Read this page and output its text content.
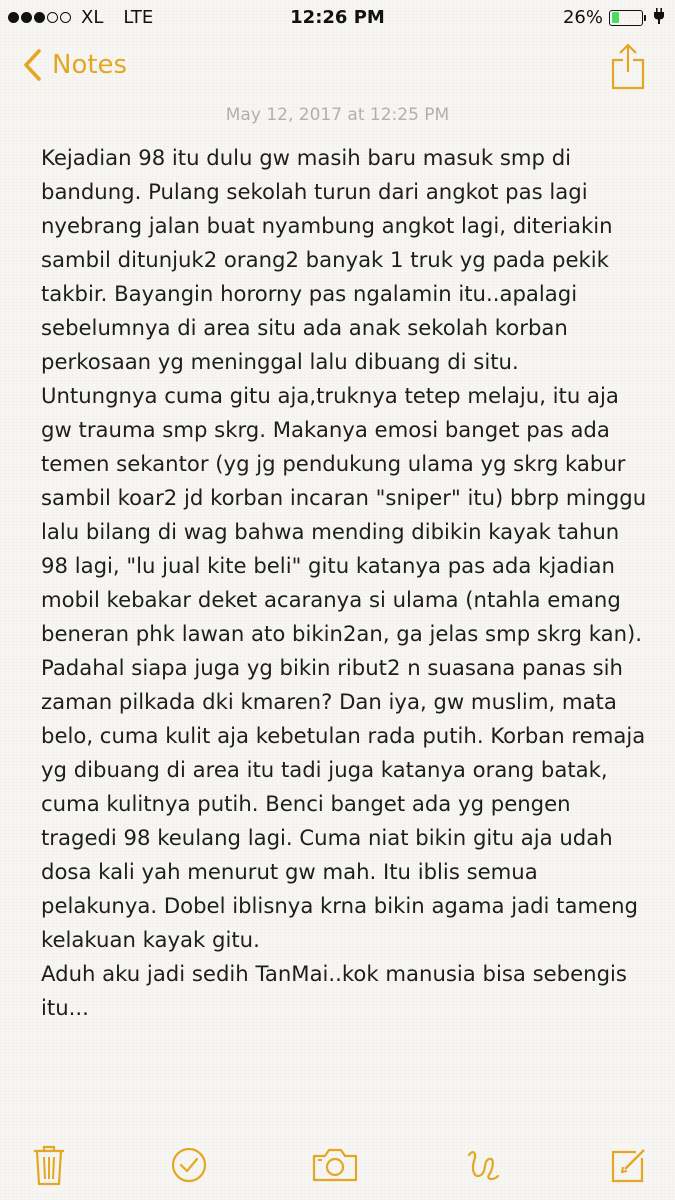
XL LTE	12:26 PM	26%
Notes
May 12, 2017 at 12:25 PM
Kejadian 98 itu dulu gw masih baru masuk smp di bandung. Pulang sekolah turun dari angkot pas lagi nyebrang jalan buat nyambung angkot lagi, diteriakin sambil ditunjuk2 orang2 banyak 1 truk yg pada pekik takbir. Bayangin hororny pas ngalamin itu..apalagi sebelumnya di area situ ada anak sekolah korban perkosaan yg meninggal lalu dibuang di situ.
Untungnya cuma gitu aja,truknya tetep melaju, itu aja gw trauma smp skrg. Makanya emosi banget pas ada temen sekantor (yg jg pendukung ulama yg skrg kabur sambil koar2 jd korban incaran "sniper" itu) bbrp minggu lalu bilang di wag bahwa mending dibikin kayak tahun 98 lagi, "lu jual kite beli" gitu katanya pas ada kjadian mobil kebakar deket acaranya si ulama (ntahla emang beneran phk lawan ato bikin2an, ga jelas smp skrg kan). Padahal siapa juga yg bikin ribut2 n suasana panas sih zaman pilkada dki kmaren? Dan iya, gw muslim, mata belo, cuma kulit aja kebetulan rada putih. Korban remaja yg dibuang di area itu tadi juga katanya orang batak, cuma kulitnya putih. Benci banget ada yg pengen tragedi 98 keulang lagi. Cuma niat bikin gitu aja udah dosa kali yah menurut gw mah. Itu iblis semua pelakunya. Dobel iblisnya krna bikin agama jadi tameng kelakuan kayak gitu.
Aduh aku jadi sedih TanMai..kok manusia bisa sebengis itu...
